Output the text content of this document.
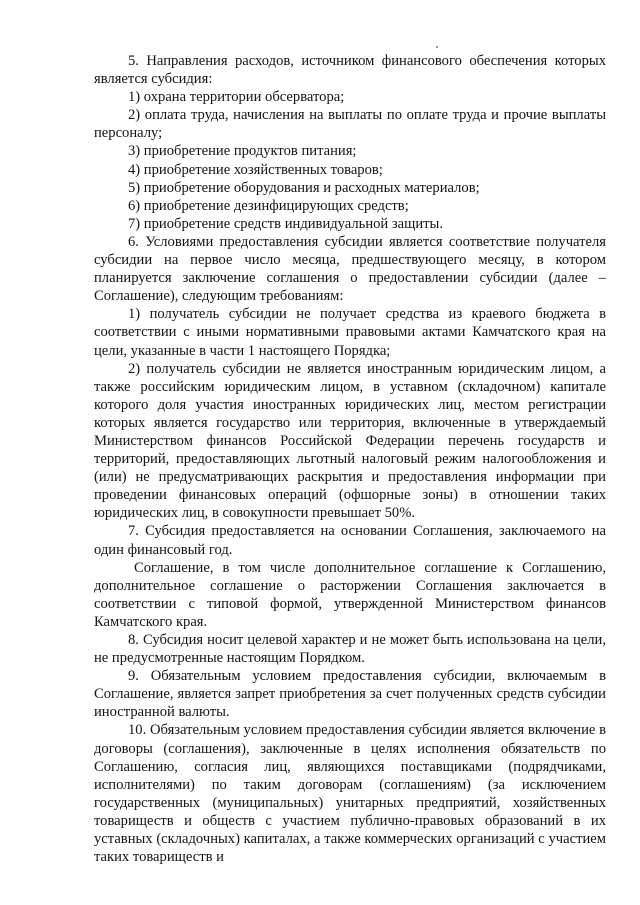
5. Направления расходов, источником финансового обеспечения которых является субсидия:

1) охрана территории обсерватора;

2) оплата труда, начисления на выплаты по оплате труда и прочие выплаты персоналу;

3) приобретение продуктов питания;

4) приобретение хозяйственных товаров;

5) приобретение оборудования и расходных материалов;

6) приобретение дезинфицирующих средств;

7) приобретение средств индивидуальной защиты.

6. Условиями предоставления субсидии является соответствие получателя субсидии на первое число месяца, предшествующего месяцу, в котором планируется заключение соглашения о предоставлении субсидии (далее – Соглашение), следующим требованиям:

1) получатель субсидии не получает средства из краевого бюджета в соответствии с иными нормативными правовыми актами Камчатского края на цели, указанные в части 1 настоящего Порядка;

2) получатель субсидии не является иностранным юридическим лицом, а также российским юридическим лицом, в уставном (складочном) капитале которого доля участия иностранных юридических лиц, местом регистрации которых является государство или территория, включенные в утверждаемый Министерством финансов Российской Федерации перечень государств и территорий, предоставляющих льготный налоговый режим налогообложения и (или) не предусматривающих раскрытия и предоставления информации при проведении финансовых операций (офшорные зоны) в отношении таких юридических лиц, в совокупности превышает 50%.

7. Субсидия предоставляется на основании Соглашения, заключаемого на один финансовый год.

Соглашение, в том числе дополнительное соглашение к Соглашению, дополнительное соглашение о расторжении Соглашения заключается в соответствии с типовой формой, утвержденной Министерством финансов Камчатского края.

8. Субсидия носит целевой характер и не может быть использована на цели, не предусмотренные настоящим Порядком.

9. Обязательным условием предоставления субсидии, включаемым в Соглашение, является запрет приобретения за счет полученных средств субсидии иностранной валюты.

10. Обязательным условием предоставления субсидии является включение в договоры (соглашения), заключенные в целях исполнения обязательств по Соглашению, согласия лиц, являющихся поставщиками (подрядчиками, исполнителями) по таким договорам (соглашениям) (за исключением государственных (муниципальных) унитарных предприятий, хозяйственных товариществ и обществ с участием публично-правовых образований в их уставных (складочных) капиталах, а также коммерческих организаций с участием таких товариществ и
